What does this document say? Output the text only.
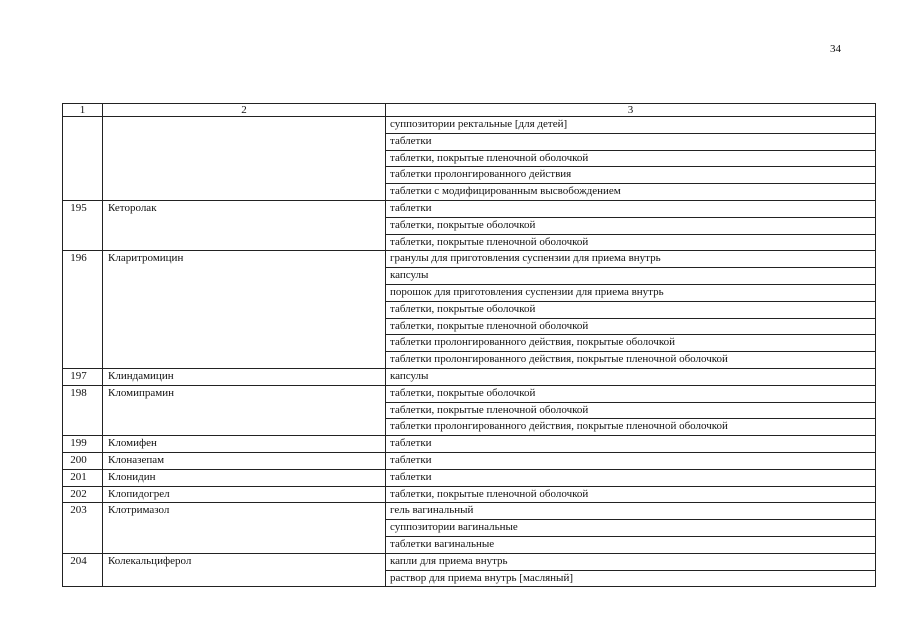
34
1	2	3
		суппозитории ректальные [для детей]
		таблетки
		таблетки, покрытые пленочной оболочкой
		таблетки пролонгированного действия
		таблетки с модифицированным высвобождением
195	Кеторолак	таблетки
		таблетки, покрытые оболочкой
		таблетки, покрытые пленочной оболочкой
196	Кларитромицин	гранулы для приготовления суспензии для приема внутрь
		капсулы
		порошок для приготовления суспензии для приема внутрь
		таблетки, покрытые оболочкой
		таблетки, покрытые пленочной оболочкой
		таблетки пролонгированного действия, покрытые оболочкой
		таблетки пролонгированного действия, покрытые пленочной оболочкой
197	Клиндамицин	капсулы
198	Кломипрамин	таблетки, покрытые оболочкой
		таблетки, покрытые пленочной оболочкой
		таблетки пролонгированного действия, покрытые пленочной оболочкой
199	Кломифен	таблетки
200	Клоназепам	таблетки
201	Клонидин	таблетки
202	Клопидогрел	таблетки, покрытые пленочной оболочкой
203	Клотримазол	гель вагинальный
		суппозитории вагинальные
		таблетки вагинальные
204	Колекальциферол	капли для приема внутрь
		раствор для приема внутрь [масляный]
